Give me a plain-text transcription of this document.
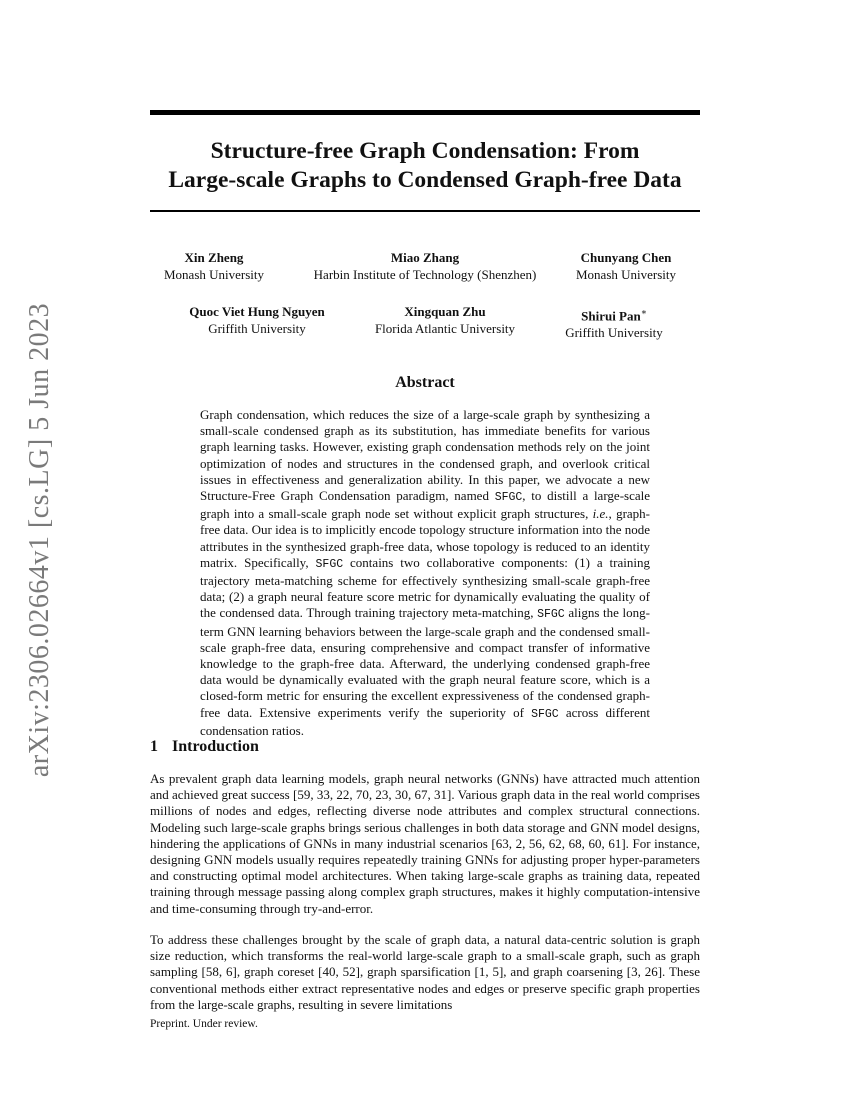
arXiv:2306.02664v1 [cs.LG] 5 Jun 2023
Structure-free Graph Condensation: From
Large-scale Graphs to Condensed Graph-free Data
Xin Zheng
Monash University
Miao Zhang
Harbin Institute of Technology (Shenzhen)
Chunyang Chen
Monash University
Quoc Viet Hung Nguyen
Griffith University
Xingquan Zhu
Florida Atlantic University
Shirui Pan∗
Griffith University
Abstract
Graph condensation, which reduces the size of a large-scale graph by synthesizing a small-scale condensed graph as its substitution, has immediate benefits for various graph learning tasks. However, existing graph condensation methods rely on the joint optimization of nodes and structures in the condensed graph, and overlook critical issues in effectiveness and generalization ability. In this paper, we advocate a new Structure-Free Graph Condensation paradigm, named SFGC, to distill a large-scale graph into a small-scale graph node set without explicit graph structures, i.e., graph-free data. Our idea is to implicitly encode topology structure information into the node attributes in the synthesized graph-free data, whose topology is reduced to an identity matrix. Specifically, SFGC contains two collaborative components: (1) a training trajectory meta-matching scheme for effectively synthesizing small-scale graph-free data; (2) a graph neural feature score metric for dynamically evaluating the quality of the condensed data. Through training trajectory meta-matching, SFGC aligns the long-term GNN learning behaviors between the large-scale graph and the condensed small-scale graph-free data, ensuring comprehensive and compact transfer of informative knowledge to the graph-free data. Afterward, the underlying condensed graph-free data would be dynamically evaluated with the graph neural feature score, which is a closed-form metric for ensuring the excellent expressiveness of the condensed graph-free data. Extensive experiments verify the superiority of SFGC across different condensation ratios.
1 Introduction
As prevalent graph data learning models, graph neural networks (GNNs) have attracted much attention and achieved great success [59, 33, 22, 70, 23, 30, 67, 31]. Various graph data in the real world comprises millions of nodes and edges, reflecting diverse node attributes and complex structural connections. Modeling such large-scale graphs brings serious challenges in both data storage and GNN model designs, hindering the applications of GNNs in many industrial scenarios [63, 2, 56, 62, 68, 60, 61]. For instance, designing GNN models usually requires repeatedly training GNNs for adjusting proper hyper-parameters and constructing optimal model architectures. When taking large-scale graphs as training data, repeated training through message passing along complex graph structures, makes it highly computation-intensive and time-consuming through try-and-error.
To address these challenges brought by the scale of graph data, a natural data-centric solution is graph size reduction, which transforms the real-world large-scale graph to a small-scale graph, such as graph sampling [58, 6], graph coreset [40, 52], graph sparsification [1, 5], and graph coarsening [3, 26]. These conventional methods either extract representative nodes and edges or preserve specific graph properties from the large-scale graphs, resulting in severe limitations
Preprint. Under review.
